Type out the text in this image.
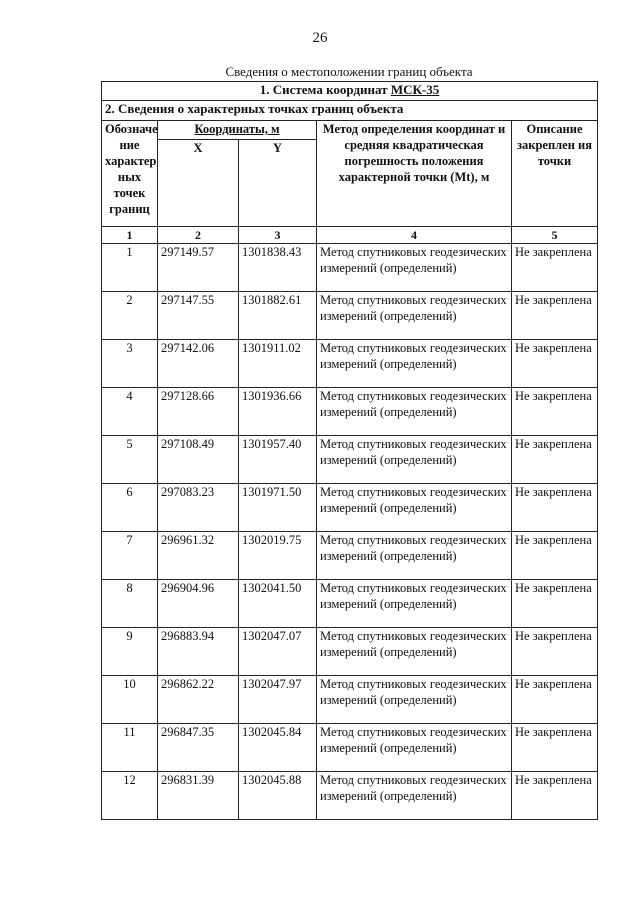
26
Сведения о местоположении границ объекта
1. Система координат МСК-35				
2. Сведения о характерных точках границ объекта				

Обозначе ние характер ных точек границ	Координаты, м		Метод определения координат и средняя квадратическая погрешность положения характерной точки (Mt), м	Описание закреплен ия точки
	X	Y		
1	2	3	4	5
1	297149.57	1301838.43	Метод спутниковых геодезических измерений (определений)	Не закреплена
2	297147.55	1301882.61	Метод спутниковых геодезических измерений (определений)	Не закреплена
3	297142.06	1301911.02	Метод спутниковых геодезических измерений (определений)	Не закреплена
4	297128.66	1301936.66	Метод спутниковых геодезических измерений (определений)	Не закреплена
5	297108.49	1301957.40	Метод спутниковых геодезических измерений (определений)	Не закреплена
6	297083.23	1301971.50	Метод спутниковых геодезических измерений (определений)	Не закреплена
7	296961.32	1302019.75	Метод спутниковых геодезических измерений (определений)	Не закреплена
8	296904.96	1302041.50	Метод спутниковых геодезических измерений (определений)	Не закреплена
9	296883.94	1302047.07	Метод спутниковых геодезических измерений (определений)	Не закреплена
10	296862.22	1302047.97	Метод спутниковых геодезических измерений (определений)	Не закреплена
11	296847.35	1302045.84	Метод спутниковых геодезических измерений (определений)	Не закреплена
12	296831.39	1302045.88	Метод спутниковых геодезических измерений (определений)	Не закреплена
